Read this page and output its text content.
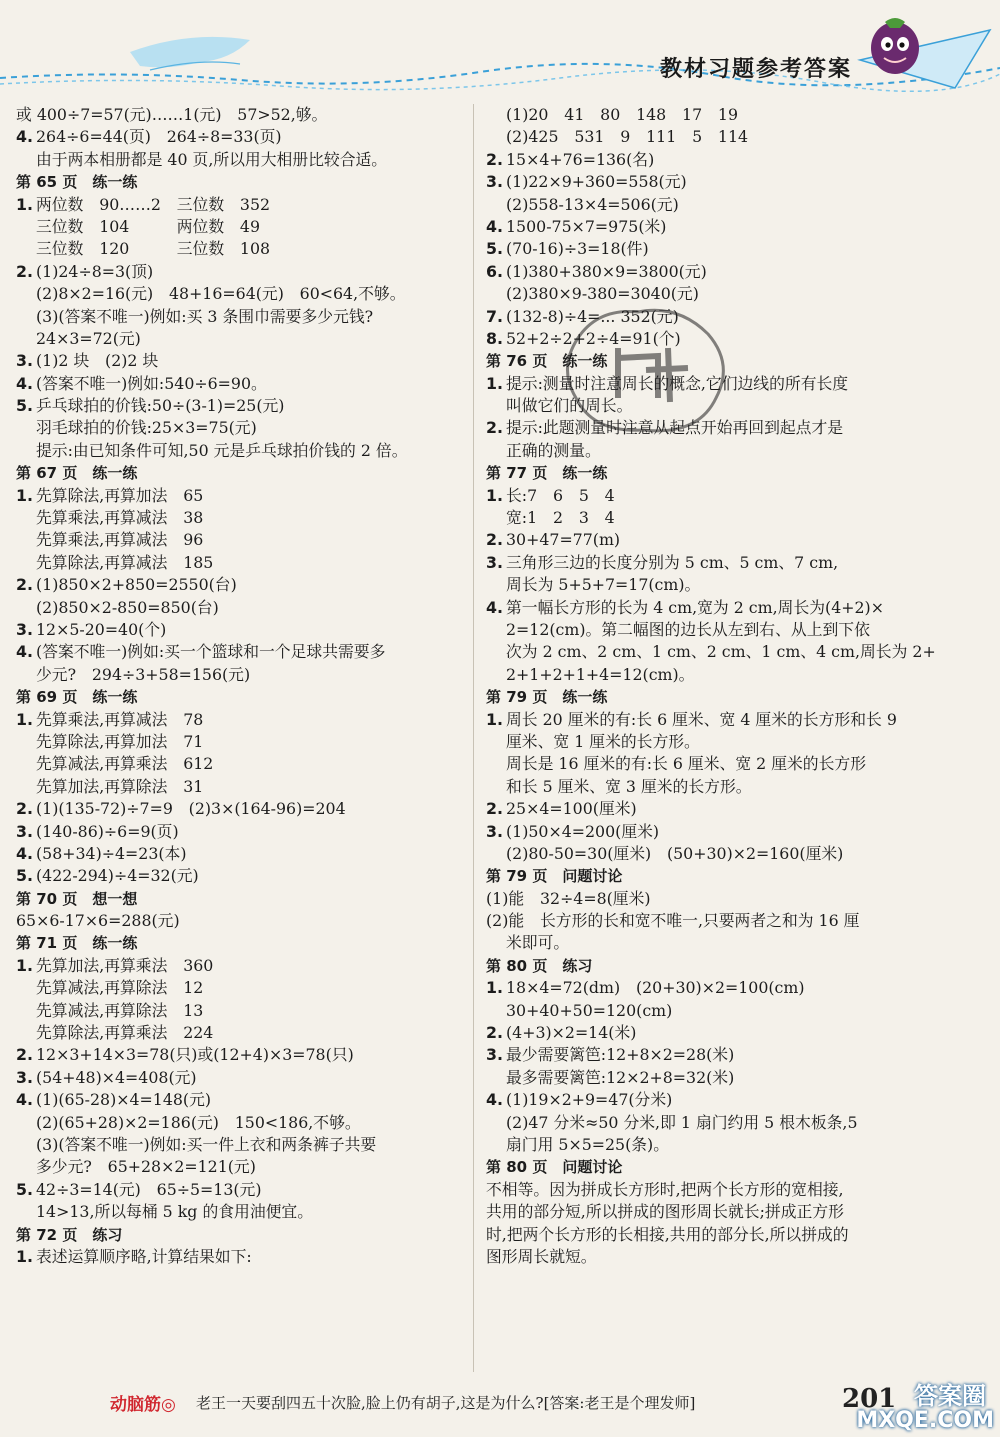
教材习题参考答案
或 400÷7=57(元)……1(元)　57>52,够。
4. 264÷6=44(页)　264÷8=33(页)
由于两本相册都是 40 页,所以用大相册比较合适。
第 65 页　练一练
1. 两位数　90……2　三位数　352
三位数　104　　　两位数　49
三位数　120　　　三位数　108
2. (1)24÷8=3(顶)
(2)8×2=16(元)　48+16=64(元)　60<64,不够。
(3)(答案不唯一)例如:买 3 条围巾需要多少元钱?
24×3=72(元)
3. (1)2 块　(2)2 块
4. (答案不唯一)例如:540÷6=90。
5. 乒乓球拍的价钱:50÷(3-1)=25(元)
羽毛球拍的价钱:25×3=75(元)
提示:由已知条件可知,50 元是乒乓球拍价钱的 2 倍。
第 67 页　练一练
1. 先算除法,再算加法　65
先算乘法,再算减法　38
先算乘法,再算减法　96
先算除法,再算减法　185
2. (1)850×2+850=2550(台)
(2)850×2-850=850(台)
3. 12×5-20=40(个)
4. (答案不唯一)例如:买一个篮球和一个足球共需要多
少元?　294÷3+58=156(元)
第 69 页　练一练
1. 先算乘法,再算减法　78
先算除法,再算加法　71
先算减法,再算乘法　612
先算加法,再算除法　31
2. (1)(135-72)÷7=9　(2)3×(164-96)=204
3. (140-86)÷6=9(页)
4. (58+34)÷4=23(本)
5. (422-294)÷4=32(元)
第 70 页　想一想
65×6-17×6=288(元)
第 71 页　练一练
1. 先算加法,再算乘法　360
先算减法,再算除法　12
先算减法,再算除法　13
先算除法,再算乘法　224
2. 12×3+14×3=78(只)或(12+4)×3=78(只)
3. (54+48)×4=408(元)
4. (1)(65-28)×4=148(元)
(2)(65+28)×2=186(元)　150<186,不够。
(3)(答案不唯一)例如:买一件上衣和两条裤子共要
多少元?　65+28×2=121(元)
5. 42÷3=14(元)　65÷5=13(元)
14>13,所以每桶 5 kg 的食用油便宜。
第 72 页　练习
1. 表述运算顺序略,计算结果如下:
(1)20　41　80　148　17　19
(2)425　531　9　111　5　114
2. 15×4+76=136(名)
3. (1)22×9+360=558(元)
(2)558-13×4=506(元)
4. 1500-75×7=975(米)
5. (70-16)÷3=18(件)
6. (1)380+380×9=3800(元)
(2)380×9-380=3040(元)
7. (132-8)÷4=... 352(元)
8. 52+2÷2+2÷4=91(个)
第 76 页　练一练
1. 提示:测量时注意周长的概念,它们边线的所有长度
叫做它们的周长。
2. 提示:此题测量时注意从起点开始再回到起点才是
正确的测量。
第 77 页　练一练
1. 长:7　6　5　4
宽:1　2　3　4
2. 30+47=77(m)
3. 三角形三边的长度分别为 5 cm、5 cm、7 cm,
周长为 5+5+7=17(cm)。
4. 第一幅长方形的长为 4 cm,宽为 2 cm,周长为(4+2)×
2=12(cm)。第二幅图的边长从左到右、从上到下依
次为 2 cm、2 cm、1 cm、2 cm、1 cm、4 cm,周长为 2+
2+1+2+1+4=12(cm)。
第 79 页　练一练
1. 周长 20 厘米的有:长 6 厘米、宽 4 厘米的长方形和长 9
厘米、宽 1 厘米的长方形。
周长是 16 厘米的有:长 6 厘米、宽 2 厘米的长方形
和长 5 厘米、宽 3 厘米的长方形。
2. 25×4=100(厘米)
3. (1)50×4=200(厘米)
(2)80-50=30(厘米)　(50+30)×2=160(厘米)
第 79 页　问题讨论
(1)能　32÷4=8(厘米)
(2)能　长方形的长和宽不唯一,只要两者之和为 16 厘
米即可。
第 80 页　练习
1. 18×4=72(dm)　(20+30)×2=100(cm)
30+40+50=120(cm)
2. (4+3)×2=14(米)
3. 最少需要篱笆:12+8×2=28(米)
最多需要篱笆:12×2+8=32(米)
4. (1)19×2+9=47(分米)
(2)47 分米≈50 分米,即 1 扇门约用 5 根木板条,5
扇门用 5×5=25(条)。
第 80 页　问题讨论
不相等。因为拼成长方形时,把两个长方形的宽相接,
共用的部分短,所以拼成的图形周长就长;拼成正方形
时,把两个长方形的长相接,共用的部分长,所以拼成的
图形周长就短。
动脑筋◎ 老王一天要刮四五十次脸,脸上仍有胡子,这是为什么?[答案:老王是个理发师]	201 答案圈
MXQE.COM
